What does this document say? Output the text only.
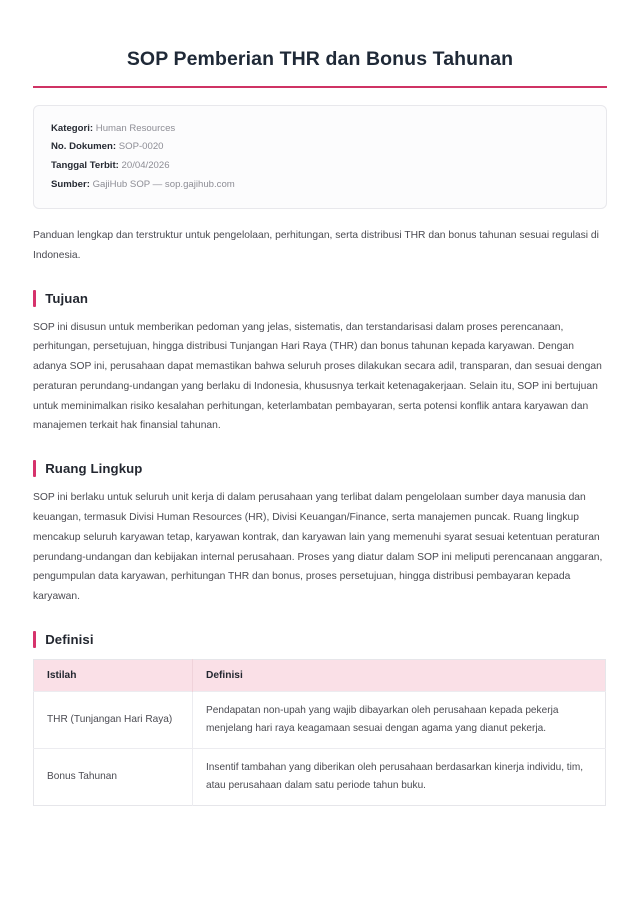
SOP Pemberian THR dan Bonus Tahunan
Kategori: Human Resources
No. Dokumen: SOP-0020
Tanggal Terbit: 20/04/2026
Sumber: GajiHub SOP — sop.gajihub.com

Panduan lengkap dan terstruktur untuk pengelolaan, perhitungan, serta distribusi THR dan bonus tahunan sesuai regulasi di Indonesia.

Tujuan

SOP ini disusun untuk memberikan pedoman yang jelas, sistematis, dan terstandarisasi dalam proses perencanaan, perhitungan, persetujuan, hingga distribusi Tunjangan Hari Raya (THR) dan bonus tahunan kepada karyawan. Dengan adanya SOP ini, perusahaan dapat memastikan bahwa seluruh proses dilakukan secara adil, transparan, dan sesuai dengan peraturan perundang-undangan yang berlaku di Indonesia, khususnya terkait ketenagakerjaan. Selain itu, SOP ini bertujuan untuk meminimalkan risiko kesalahan perhitungan, keterlambatan pembayaran, serta potensi konflik antara karyawan dan manajemen terkait hak finansial tahunan.

Ruang Lingkup

SOP ini berlaku untuk seluruh unit kerja di dalam perusahaan yang terlibat dalam pengelolaan sumber daya manusia dan keuangan, termasuk Divisi Human Resources (HR), Divisi Keuangan/Finance, serta manajemen puncak. Ruang lingkup mencakup seluruh karyawan tetap, karyawan kontrak, dan karyawan lain yang memenuhi syarat sesuai ketentuan peraturan perundang-undangan dan kebijakan internal perusahaan. Proses yang diatur dalam SOP ini meliputi perencanaan anggaran, pengumpulan data karyawan, perhitungan THR dan bonus, proses persetujuan, hingga distribusi pembayaran kepada karyawan.

Definisi
Istilah	Definisi
THR (Tunjangan Hari Raya)	Pendapatan non-upah yang wajib dibayarkan oleh perusahaan kepada pekerja menjelang hari raya keagamaan sesuai dengan agama yang dianut pekerja.
Bonus Tahunan	Insentif tambahan yang diberikan oleh perusahaan berdasarkan kinerja individu, tim, atau perusahaan dalam satu periode tahun buku.
